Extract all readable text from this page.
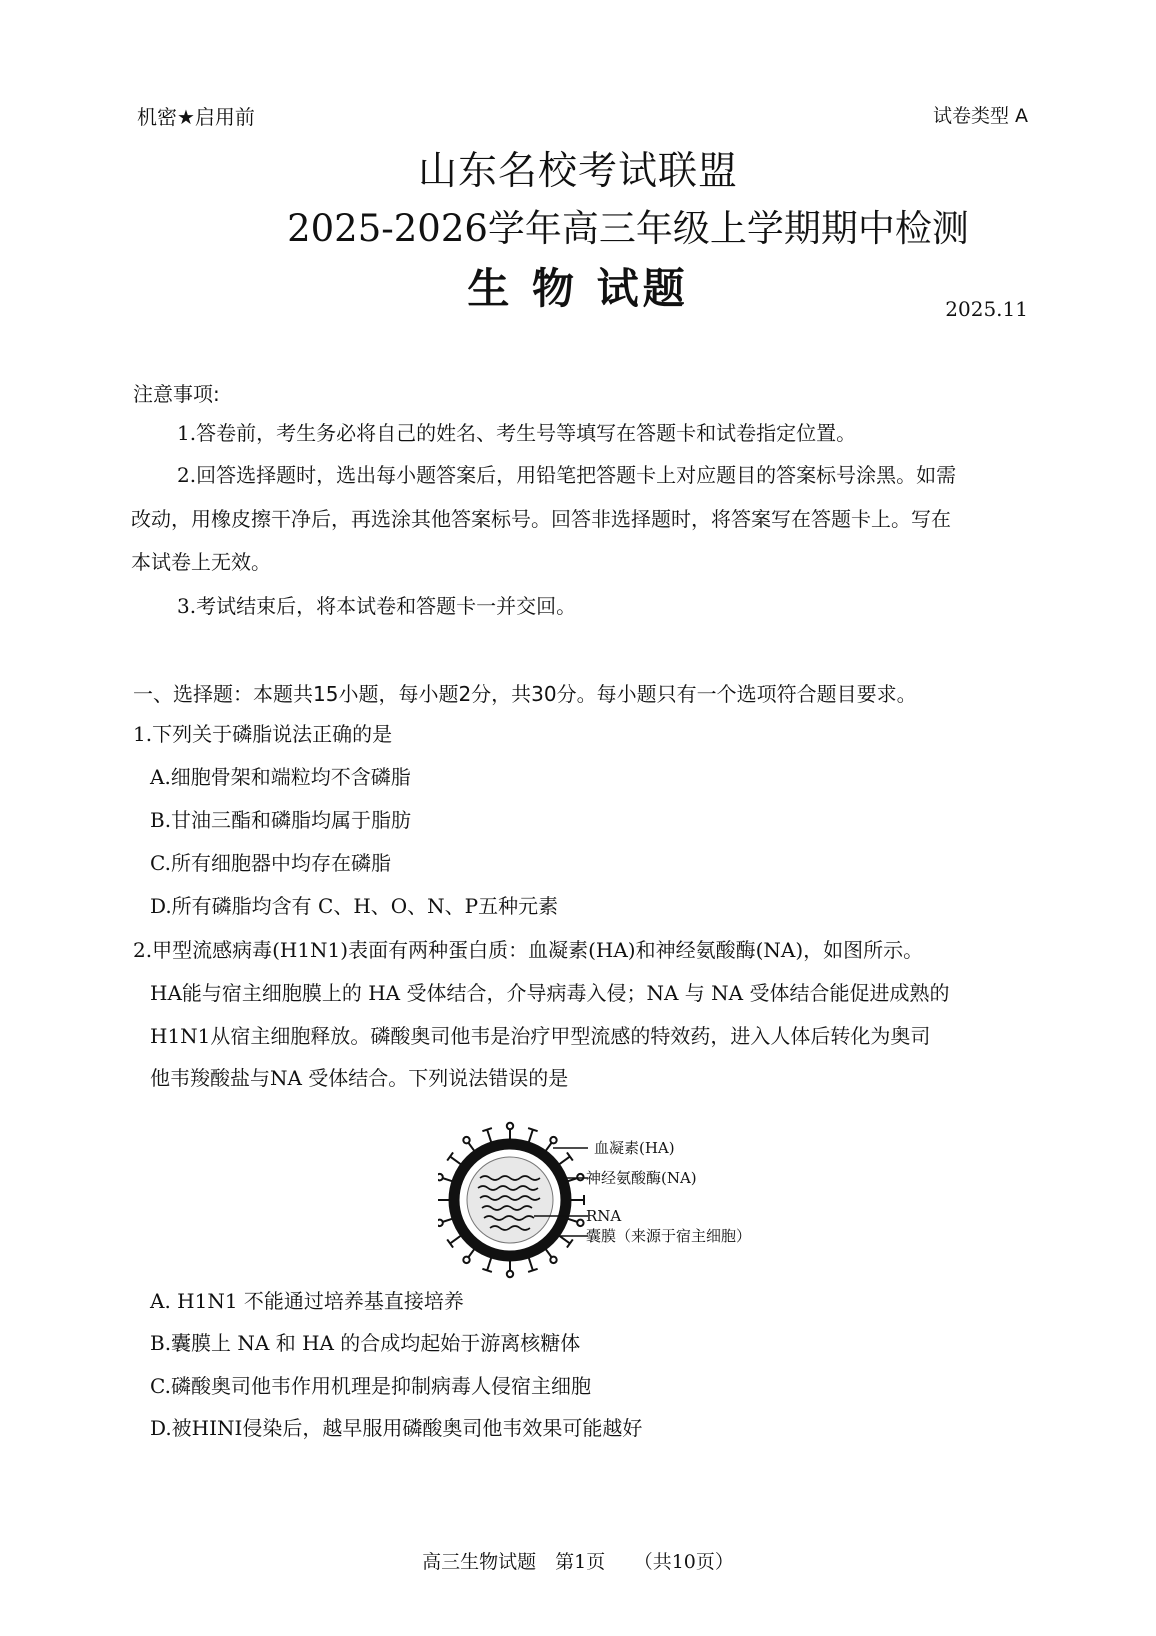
机密★启用前	试卷类型 A
山东名校考试联盟
2025-2026学年高三年级上学期期中检测
生 物 试题	2025.11
注意事项:
1.答卷前，考生务必将自己的姓名、考生号等填写在答题卡和试卷指定位置。
2.回答选择题时，选出每小题答案后，用铅笔把答题卡上对应题目的答案标号涂黑。如需
改动，用橡皮擦干净后，再选涂其他答案标号。回答非选择题时，将答案写在答题卡上。写在
本试卷上无效。
3.考试结束后，将本试卷和答题卡一并交回。
一、选择题：本题共15小题，每小题2分，共30分。每小题只有一个选项符合题目要求。
1.下列关于磷脂说法正确的是
A.细胞骨架和端粒均不含磷脂
B.甘油三酯和磷脂均属于脂肪
C.所有细胞器中均存在磷脂
D.所有磷脂均含有 C、H、O、N、P五种元素
2.甲型流感病毒(H1N1)表面有两种蛋白质：血凝素(HA)和神经氨酸酶(NA)，如图所示。
HA能与宿主细胞膜上的 HA 受体结合，介导病毒入侵；NA 与 NA 受体结合能促进成熟的
H1N1从宿主细胞释放。磷酸奥司他韦是治疗甲型流感的特效药，进入人体后转化为奥司
他韦羧酸盐与NA 受体结合。下列说法错误的是
血凝素(HA)
神经氨酸酶(NA)
RNA
囊膜（来源于宿主细胞）
A. H1N1 不能通过培养基直接培养
B.囊膜上 NA 和 HA 的合成均起始于游离核糖体
C.磷酸奥司他韦作用机理是抑制病毒人侵宿主细胞
D.被HINI侵染后，越早服用磷酸奥司他韦效果可能越好
高三生物试题　第1页　　（共10页）
